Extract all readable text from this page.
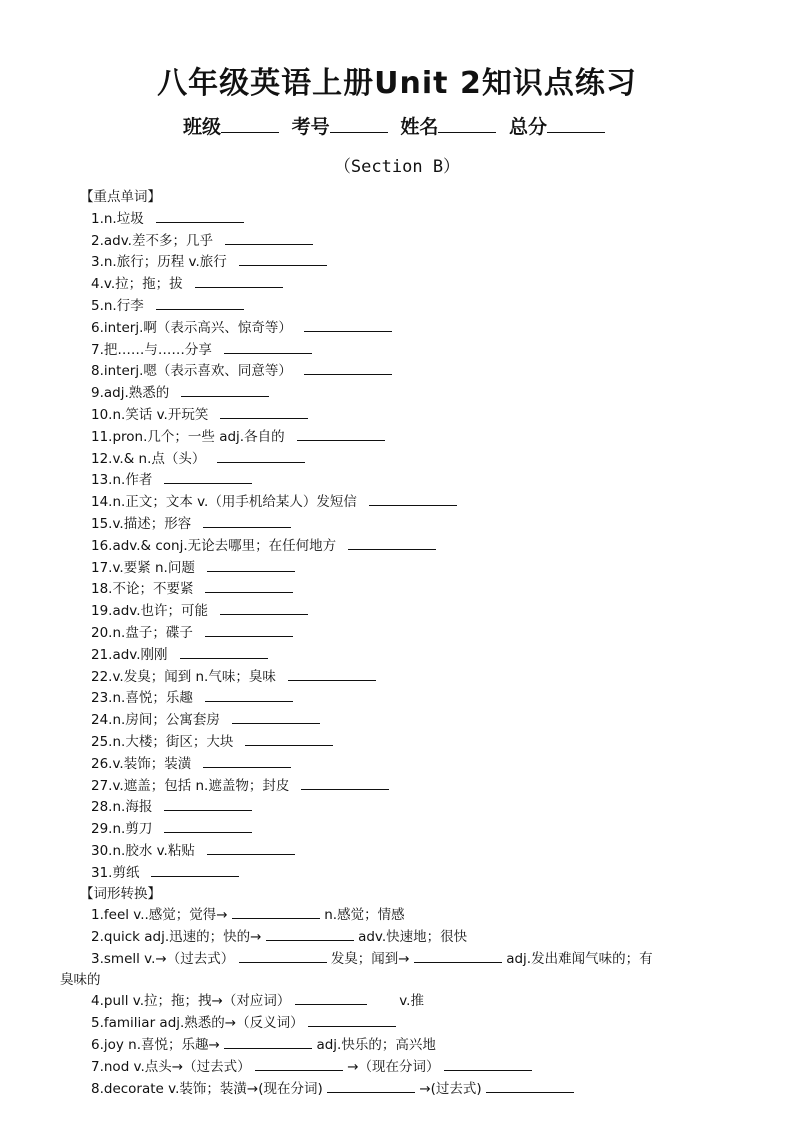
八年级英语上册Unit 2知识点练习
班级	考号	姓名	总分
（Section B）
【重点单词】
1.n.垃圾
2.adv.差不多；几乎
3.n.旅行；历程 v.旅行
4.v.拉；拖；拔
5.n.行李
6.interj.啊（表示高兴、惊奇等）
7.把……与……分享
8.interj.嗯（表示喜欢、同意等）
9.adj.熟悉的
10.n.笑话 v.开玩笑
11.pron.几个；一些 adj.各自的
12.v.& n.点（头）
13.n.作者
14.n.正文；文本 v.（用手机给某人）发短信
15.v.描述；形容
16.adv.& conj.无论去哪里；在任何地方
17.v.要紧 n.问题
18.不论；不要紧
19.adv.也许；可能
20.n.盘子；碟子
21.adv.刚刚
22.v.发臭；闻到 n.气味；臭味
23.n.喜悦；乐趣
24.n.房间；公寓套房
25.n.大楼；街区；大块
26.v.装饰；装潢
27.v.遮盖；包括 n.遮盖物；封皮
28.n.海报
29.n.剪刀
30.n.胶水 v.粘贴
31.剪纸
【词形转换】
1.feel v..感觉；觉得→	n.感觉；情感
2.quick adj.迅速的；快的→	adv.快速地；很快
3.smell v.→（过去式）	发臭；闻到→	adj.发出难闻气味的；有
臭味的
4.pull v.拉；拖；拽→（对应词）	v.推
5.familiar adj.熟悉的→（反义词）
6.joy n.喜悦；乐趣→	adj.快乐的；高兴地
7.nod v.点头→（过去式）	→（现在分词）
8.decorate v.装饰；装潢→(现在分词)	→(过去式)
